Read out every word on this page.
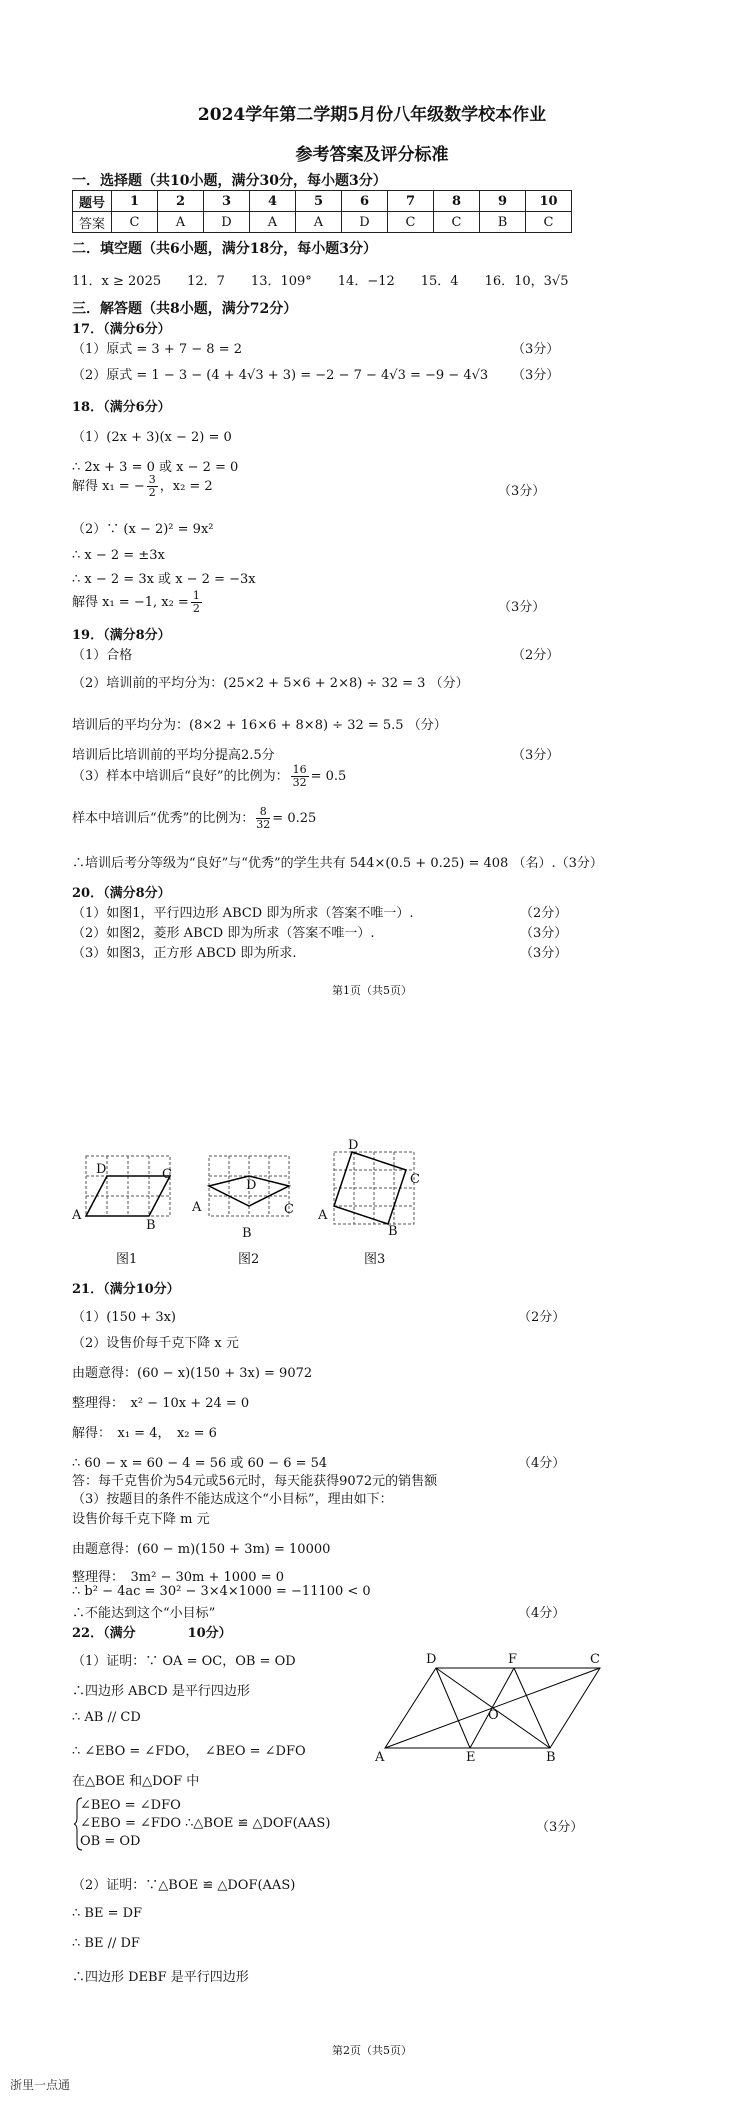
2024学年第二学期5月份八年级数学校本作业
参考答案及评分标准
一．选择题（共10小题，满分30分，每小题3分）
题号	1	2	3	4	5	6	7	8	9	10
答案	C	A	D	A	A	D	C	C	B	C
二．填空题（共6小题，满分18分，每小题3分）
11．x ≥ 2025　　12．7　　13．109°　　14．−12　　15．4　　16．10，3√5
三．解答题（共8小题，满分72分）
17．（满分6分）
（1）原式 = 3 + 7 − 8 = 2	（3分）
（2）原式 = 1 − 3 − (4 + 4√3 + 3) = −2 − 7 − 4√3 = −9 − 4√3 （3分）
18．（满分6分）
（1）(2x + 3)(x − 2) = 0
∴ 2x + 3 = 0 或 x − 2 = 0
解得 x₁ = − $\frac{3}{2}$ ，x₂ = 2	（3分）
（2）∵ (x − 2)² = 9x²
∴ x − 2 = ±3x
∴ x − 2 = 3x 或 x − 2 = −3x
解得 x₁ = −1, $x_2 = \frac{1}{2}$	（3分）
19．（满分8分）
（1）合格	（2分）
（2）培训前的平均分为：(25×2 + 5×6 + 2×8) ÷ 32 = 3 （分）
培训后的平均分为：(8×2 + 16×6 + 8×8) ÷ 32 = 5.5 （分）
培训后比培训前的平均分提高2.5分	（3分）
（3）样本中培训后“良好”的比例为： $\frac{16}{32} = 0.5$
样本中培训后“优秀”的比例为： $\frac{8}{32} = 0.25$
∴培训后考分等级为“良好”与“优秀”的学生共有 544×(0.5 + 0.25) = 408 （名）.（3分）
20．（满分8分）
（1）如图1，平行四边形 ABCD 即为所求（答案不唯一）.	（2分）
（2）如图2，菱形 ABCD 即为所求（答案不唯一）.	（3分）
（3）如图3，正方形 ABCD 即为所求.	（3分）
第1页（共5页）
A
D	C
B
图1
A
D
C
B
图2
A
D
C
B
图3
21．（满分10分）
（1）(150 + 3x)	（2分）
（2）设售价每千克下降 x 元
由题意得：(60 − x)(150 + 3x) = 9072
整理得：　x² − 10x + 24 = 0
解得：　x₁ = 4，　x₂ = 6
∴ 60 − x = 60 − 4 = 56 或 60 − 6 = 54	（4分）
答：每千克售价为54元或56元时，每天能获得9072元的销售额
（3）按题目的条件不能达成这个“小目标”，理由如下：
设售价每千克下降 m 元
由题意得：(60 − m)(150 + 3m) = 10000
整理得：　3m² − 30m + 1000 = 0
∴ b² − 4ac = 30² − 3×4×1000 = −11100 < 0
∴不能达到这个“小目标”	（4分）
22．（满分　　　　10分）
（1）证明：∵ OA = OC，OB = OD
∴四边形 ABCD 是平行四边形
∴ AB // CD
∴ ∠EBO = ∠FDO，　∠BEO = ∠DFO
在△BOE 和△DOF 中
∠BEO = ∠DFO
∠EBO = ∠FDO ∴△BOE ≌ △DOF(AAS)	（3分）
OB = OD
（2）证明：∵△BOE ≌ △DOF(AAS)
∴ BE = DF
∴ BE // DF
∴四边形 DEBF 是平行四边形
A	E	B
D	F	C
O
第2页（共5页）
浙里一点通
